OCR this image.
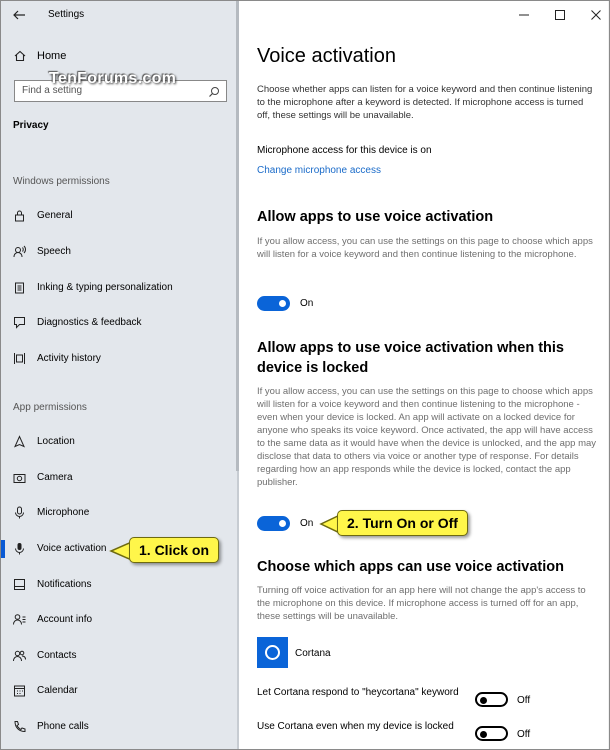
Settings
Home
Find a setting
TenForums.com
Privacy
Windows permissions
General
Speech
Inking & typing personalization
Diagnostics & feedback
Activity history
App permissions
Location
Camera
Microphone
Voice activation
Notifications
Account info
Contacts
Calendar
Phone calls
Voice activation

Choose whether apps can listen for a voice keyword and then continue listening to the microphone after a keyword is detected. If microphone access is turned off, these settings will be unavailable.

Microphone access for this device is on
Change microphone access
Allow apps to use voice activation

If you allow access, you can use the settings on this page to choose which apps will listen for a voice keyword and then continue listening to the microphone.

On
Allow apps to use voice activation when this device is locked

If you allow access, you can use the settings on this page to choose which apps will listen for a voice keyword and then continue listening to the microphone - even when your device is locked. An app will activate on a locked device for anyone who speaks its voice keyword. Once activated, the app will have access to the same data as it would have when the device is unlocked, and the app may disclose that data to others via voice or another type of response. For details regarding how an app responds while the device is locked, contact the app publisher.

On
Choose which apps can use voice activation

Turning off voice activation for an app here will not change the app's access to the microphone on this device. If microphone access is turned off for an app, these settings will be unavailable.

Cortana
Let Cortana respond to "heycortana" keyword
Off
Use Cortana even when my device is locked
Off
1. Click on
2. Turn On or Off
